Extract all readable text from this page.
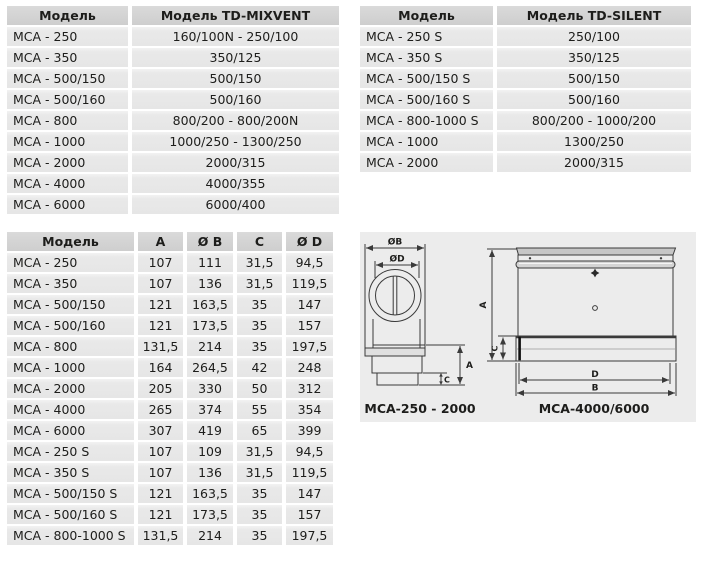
Модель	Модель TD-MIXVENT
MCA - 250	160/100N - 250/100
MCA - 350	350/125
MCA - 500/150	500/150
MCA - 500/160	500/160
MCA - 800	800/200 - 800/200N
MCA - 1000	1000/250 - 1300/250
MCA - 2000	2000/315
MCA - 4000	4000/355
MCA - 6000	6000/400
Модель	Модель TD-SILENT
MCA - 250 S	250/100
MCA - 350 S	350/125
MCA - 500/150 S	500/150
MCA - 500/160 S	500/160
MCA - 800-1000 S	800/200 - 1000/200
MCA - 1000	1300/250
MCA - 2000	2000/315
Модель	A	Ø B	C	Ø D
MCA - 250	107	111	31,5	94,5
MCA - 350	107	136	31,5	119,5
MCA - 500/150	121	163,5	35	147
MCA - 500/160	121	173,5	35	157
MCA - 800	131,5	214	35	197,5
MCA - 1000	164	264,5	42	248
MCA - 2000	205	330	50	312
MCA - 4000	265	374	55	354
MCA - 6000	307	419	65	399
MCA - 250 S	107	109	31,5	94,5
MCA - 350 S	107	136	31,5	119,5
MCA - 500/150 S	121	163,5	35	147
MCA - 500/160 S	121	173,5	35	157
MCA - 800-1000 S	131,5	214	35	197,5
ØB
ØD
A
C
A
C
D
B
MCA-250 - 2000	MCA-4000/6000
